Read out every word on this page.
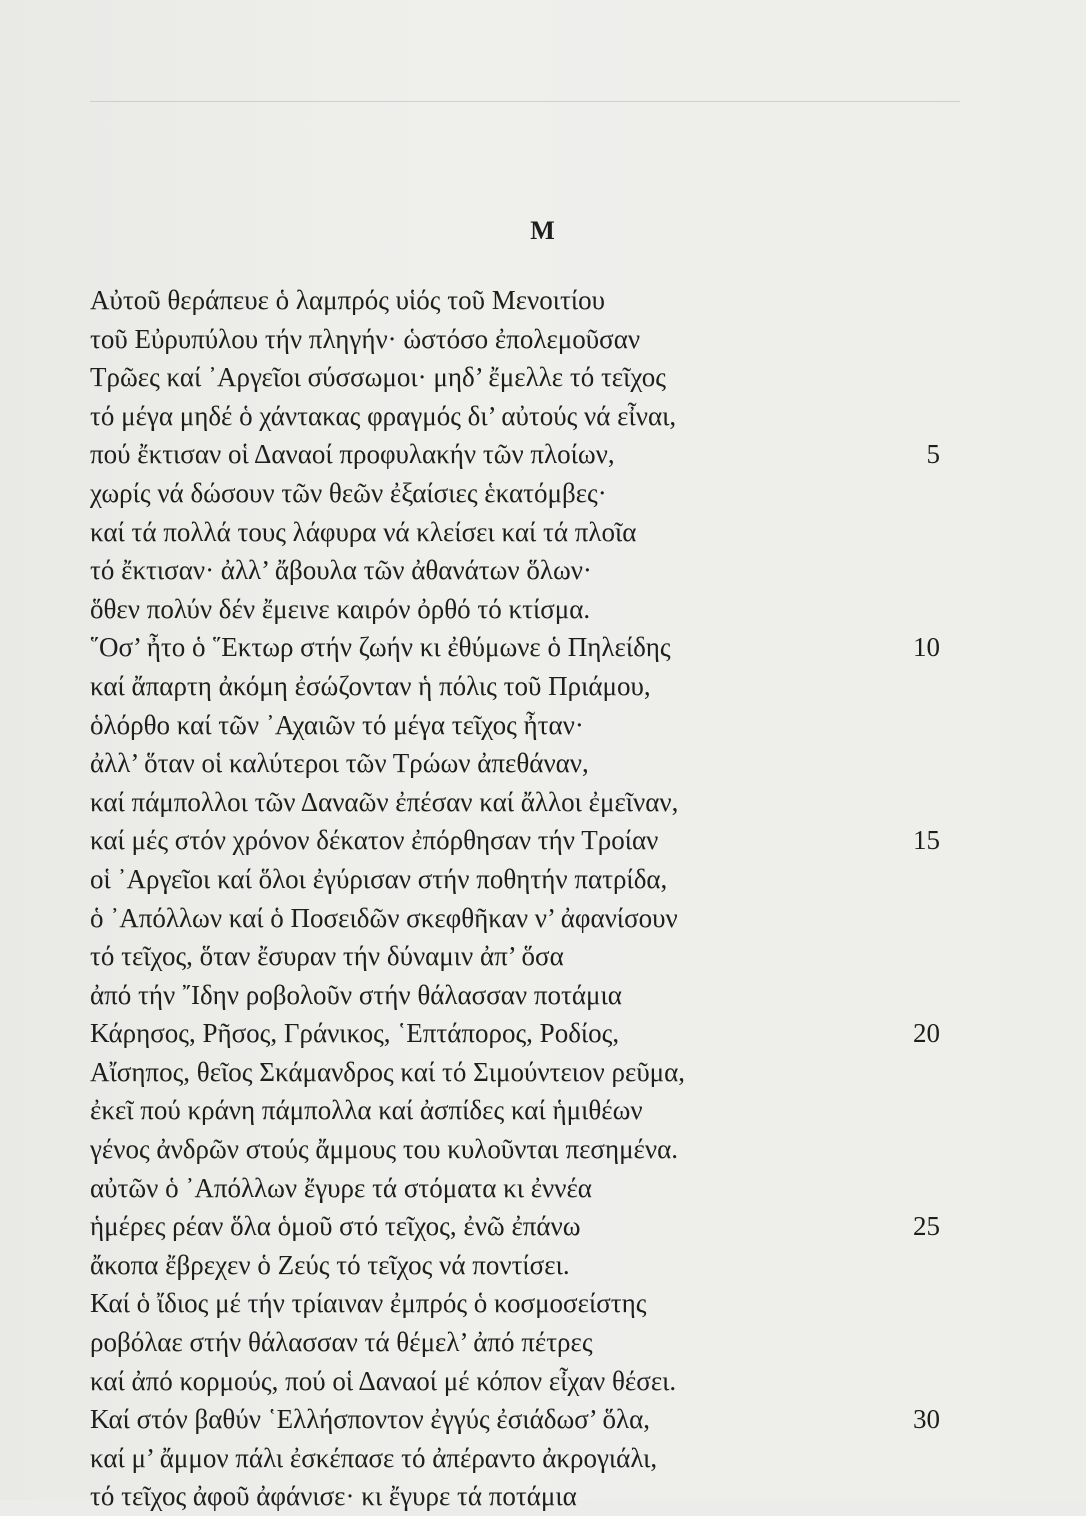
M
Αὐτοῦ θεράπευε ὁ λαμπρός υἱός τοῦ Μενοιτίου
τοῦ Εὐρυπύλου τήν πληγήν· ὡστόσο ἐπολεμοῦσαν
Τρῶες καί ᾿Αργεῖοι σύσσωμοι· μηδ’ ἔμελλε τό τεῖχος
τό μέγα μηδέ ὁ χάντακας φραγμός δι’ αὐτούς νά εἶναι,
πού ἔκτισαν οἱ Δαναοί προφυλακήν τῶν πλοίων,	5
χωρίς νά δώσουν τῶν θεῶν ἐξαίσιες ἑκατόμβες·
καί τά πολλά τους λάφυρα νά κλείσει καί τά πλοῖα
τό ἔκτισαν· ἀλλ’ ἄβουλα τῶν ἀθανάτων ὅλων·
ὅθεν πολύν δέν ἔμεινε καιρόν ὀρθό τό κτίσμα.
῞Οσ’ ἦτο ὁ ῞Εκτωρ στήν ζωήν κι ἐθύμωνε ὁ Πηλείδης	10
καί ἄπαρτη ἀκόμη ἐσώζονταν ἡ πόλις τοῦ Πριάμου,
ὁλόρθο καί τῶν ᾿Αχαιῶν τό μέγα τεῖχος ἦταν·
ἀλλ’ ὅταν οἱ καλύτεροι τῶν Τρώων ἀπεθάναν,
καί πάμπολλοι τῶν Δαναῶν ἐπέσαν καί ἄλλοι ἐμεῖναν,
καί μές στόν χρόνον δέκατον ἐπόρθησαν τήν Τροίαν	15
οἱ ᾿Αργεῖοι καί ὅλοι ἐγύρισαν στήν ποθητήν πατρίδα,
ὁ ᾿Απόλλων καί ὁ Ποσειδῶν σκεφθῆκαν ν’ ἀφανίσουν
τό τεῖχος, ὅταν ἔσυραν τήν δύναμιν ἀπ’ ὅσα
ἀπό τήν ῎Ιδην ροβολοῦν στήν θάλασσαν ποτάμια
Κάρησος, Ρῆσος, Γράνικος, ῾Επτάπορος, Ροδίος,	20
Αἴσηπος, θεῖος Σκάμανδρος καί τό Σιμούντειον ρεῦμα,
ἐκεῖ πού κράνη πάμπολλα καί ἀσπίδες καί ἡμιθέων
γένος ἀνδρῶν στούς ἄμμους του κυλοῦνται πεσημένα.
αὐτῶν ὁ ᾿Απόλλων ἔγυρε τά στόματα κι ἐννέα
ἡμέρες ρέαν ὅλα ὁμοῦ στό τεῖχος, ἐνῶ ἐπάνω	25
ἄκοπα ἔβρεχεν ὁ Ζεύς τό τεῖχος νά ποντίσει.
Καί ὁ ἴδιος μέ τήν τρίαιναν ἐμπρός ὁ κοσμοσείστης
ροβόλαε στήν θάλασσαν τά θέμελ’ ἀπό πέτρες
καί ἀπό κορμούς, πού οἱ Δαναοί μέ κόπον εἶχαν θέσει.
Καί στόν βαθύν ῾Ελλήσποντον ἐγγύς ἐσιάδωσ’ ὅλα,	30
καί μ’ ἄμμον πάλι ἐσκέπασε τό ἀπέραντο ἀκρογιάλι,
τό τεῖχος ἀφοῦ ἀφάνισε· κι ἔγυρε τά ποτάμια
